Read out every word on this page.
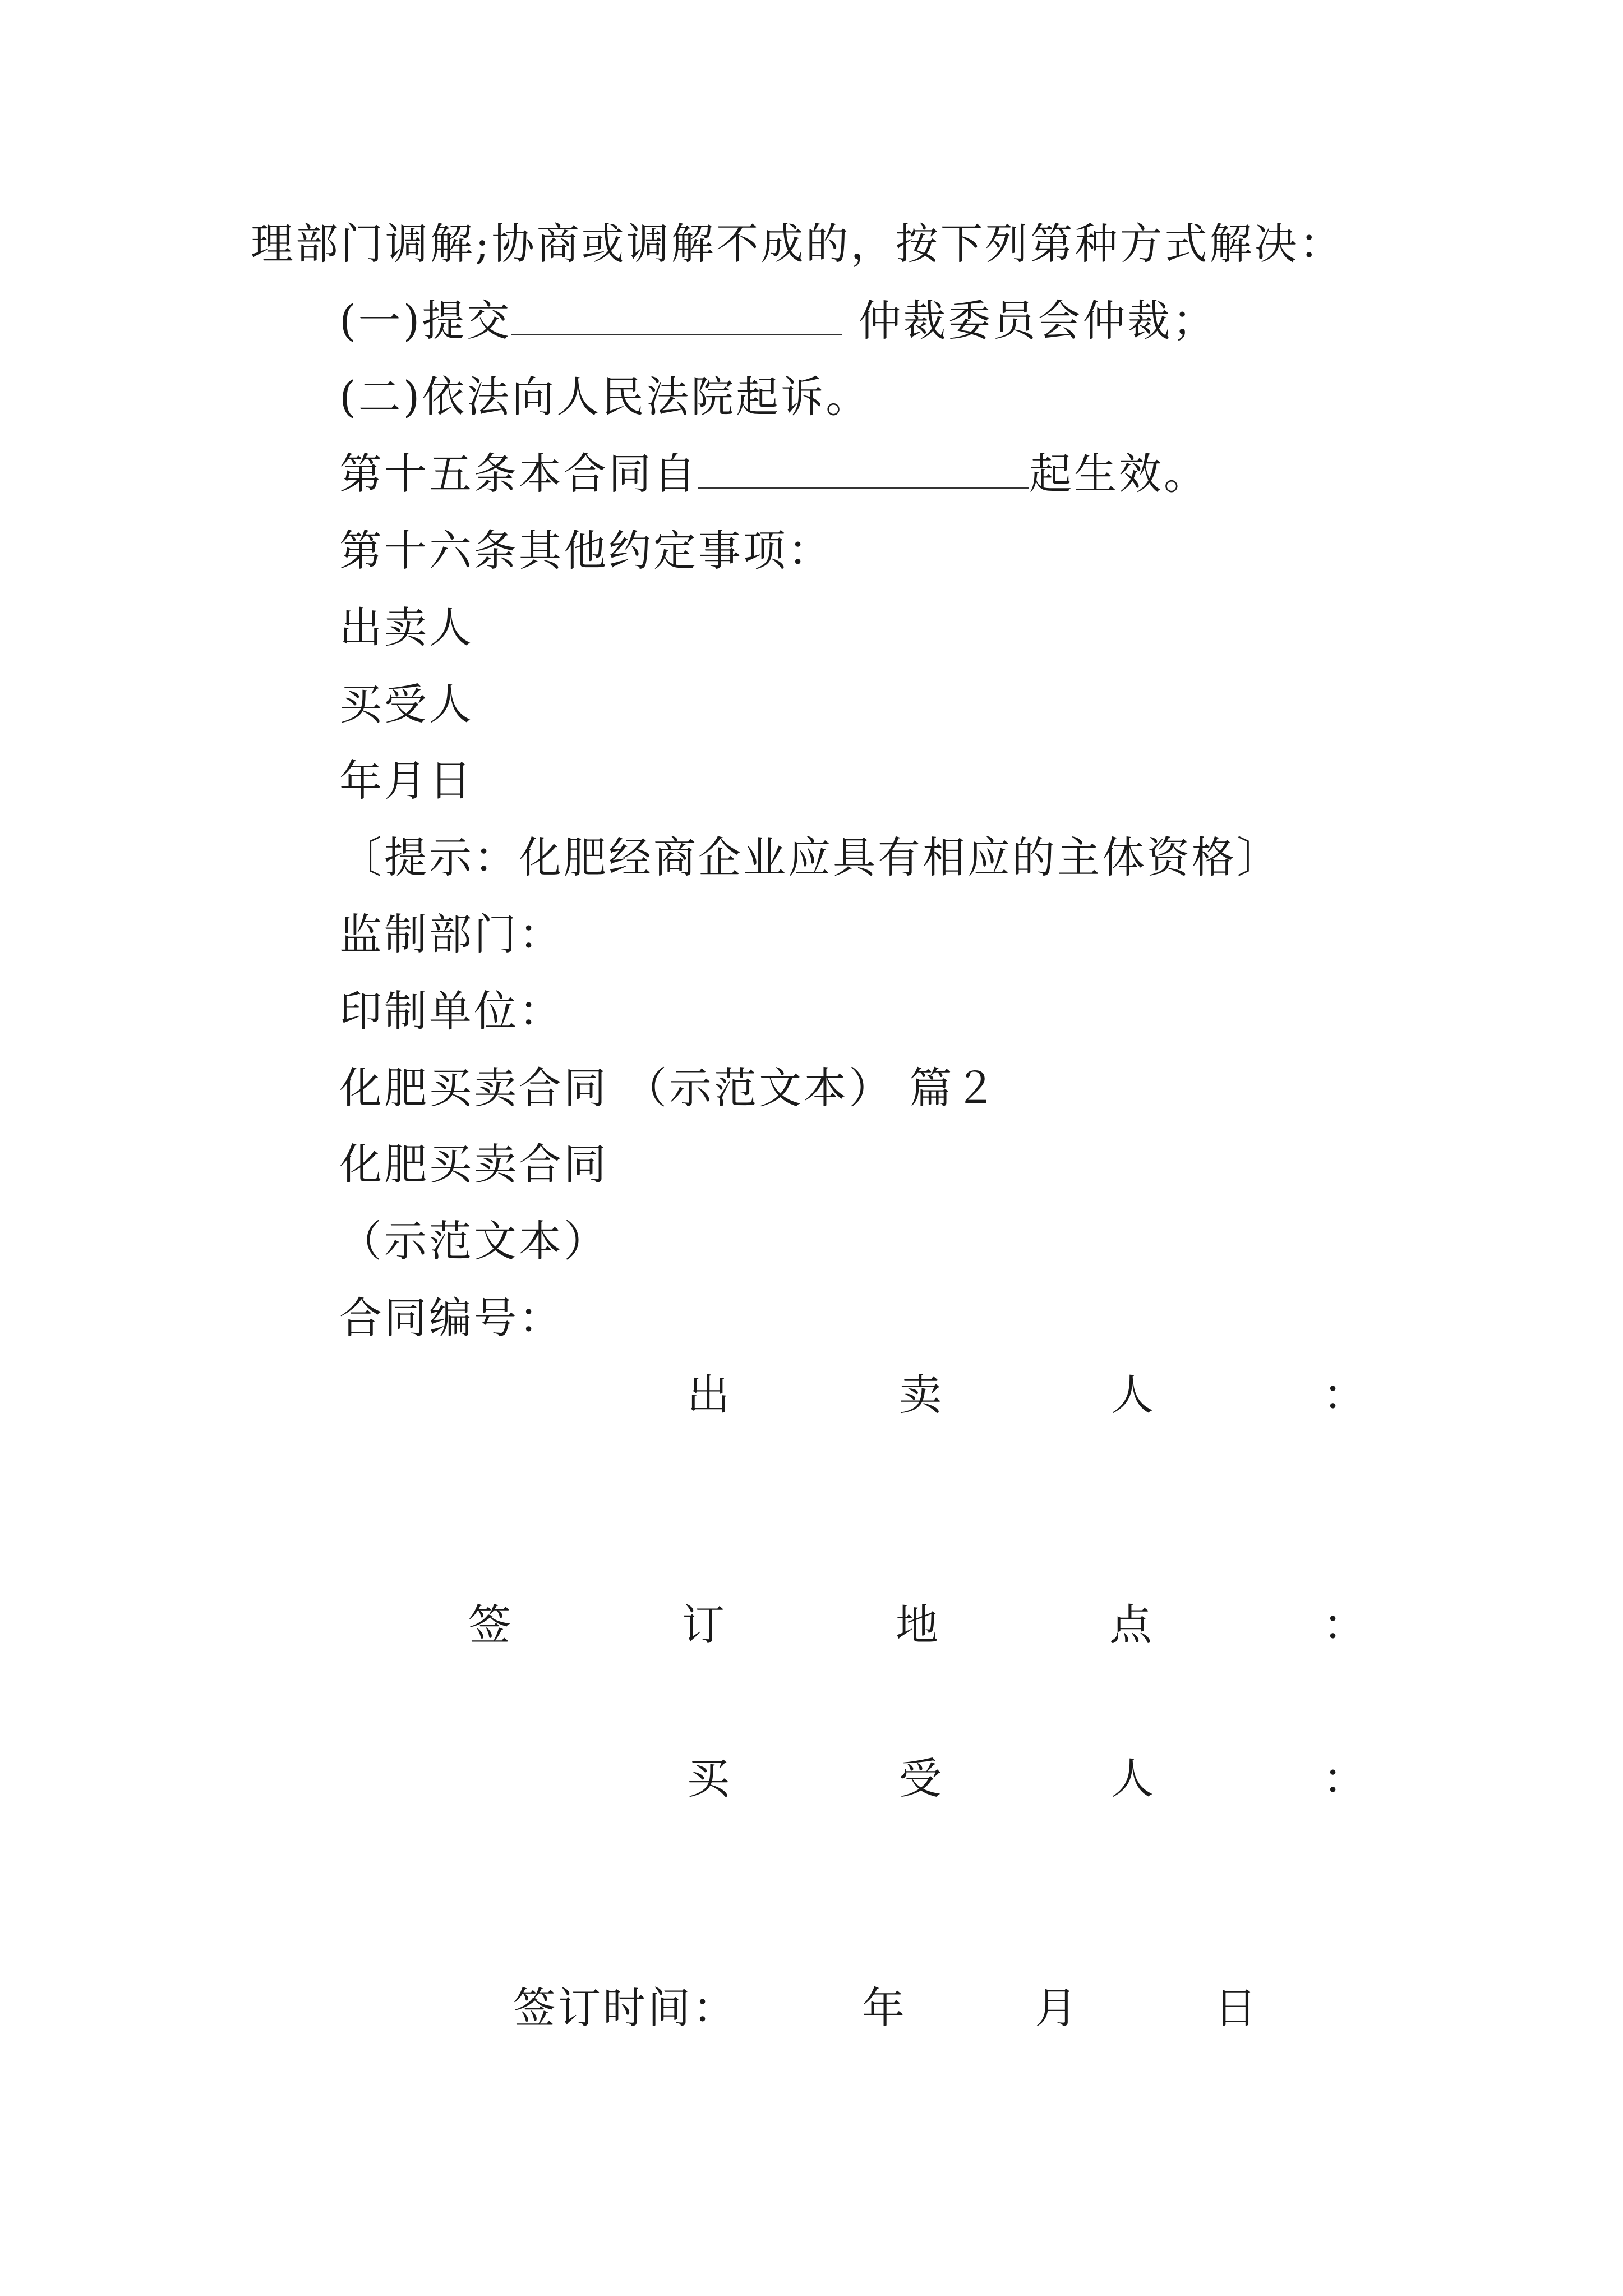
理部门调解;协商或调解不成的，按下列第种方式解决：
(一)提交	仲裁委员会仲裁；
(二)依法向人民法院起诉。
第十五条本合同自	起生效。
第十六条其他约定事项：
出卖人
买受人
年月日
〔提示：化肥经商企业应具有相应的主体资格〕
监制部门：
印制单位：
化肥买卖合同 （示范文本） 篇２
化肥买卖合同
（示范文本）
合同编号：
出	卖	人	：
签	订	地	点	：
买	受	人	：
签订时间：	年	月	日
